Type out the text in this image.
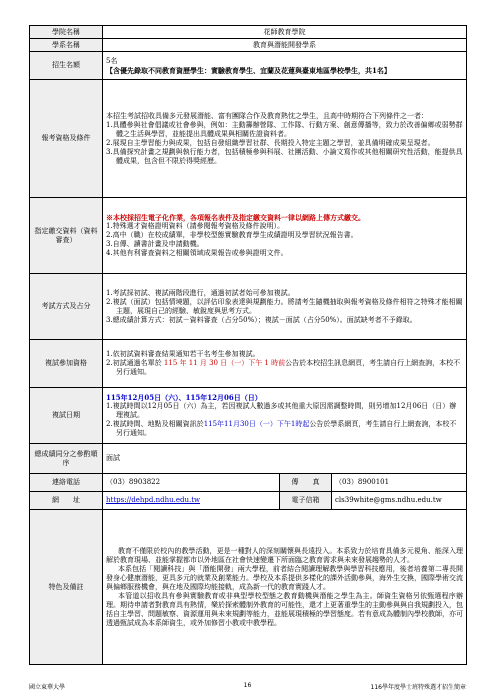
學院名稱	花師教育學院		
學系名稱	教育與潛能開發學系		
招生名額	5名
【含優先錄取不同教育資歷學生：實驗教育學生、宜蘭及花蓮與臺東地區學校學生，共1名】		

報考資格及條件	本招生考試招收具備多元發展潛能、富有團隊合作及教育熱忱之學生，且高中時期符合下列條件之一者：
1.具體參與社會倡議或社會參與，例如：主動籌辦營隊、工作隊、行動方案、創意傳播等，致力於改善偏鄉或弱勢群體之生活與學習，並能提出具體成果與相關佐證資料者。
2.展現自主學習能力與成果，包括自發組織學習社群、長期投入特定主題之學習，並具備明確成果呈現者。
3.具備探究計畫之規劃與執行能力者，包括積極參與科展、社團活動、小論文寫作或其他相關研究性活動，能提供具體成果，包含但不限於得獎經歷。		

指定繳交資料（資料審查）	※本校採招生電子化作業，各項報名表件及指定繳交資料一律以網路上傳方式繳交。
1.特殊選才資格證明資料（請參閱報考資格及條件說明）。
2.高中（職）在校成績單，非學校型態實驗教育學生成績證明及學習狀況報告書。
3.自傳、讀書計畫及申請動機。
4.其他有利審查資料之相關領域成果報告或參與證明文件。		

考試方式及占分	1.考試採初試、複試兩階段進行，通過初試者始可參加複試。
2.複試（面試）包括情境題，以評估印象表達與規劃能力。將請考生隨機抽取與報考資格及條件相符之特殊才能相關主題，展現自己的經驗、敏銳度與思考方式。
3.總成績計算方式：初試－資料審查（占分50%）；複試－面試（占分50%）。面試缺考者不予錄取。		

複試參加資格	1.依初試資料審查結果通知若干名考生參加複試。
2.初試通過名單於 115 年 11 月 30 日（一）下午 1 時前公告於本校招生訊息網頁，考生請自行上網查詢，本校不另行通知。		

複試日期	115年12月05日（六）、115年12月06日（日）
1.複試時間以12月05日（六）為主，若因複試人數過多或其他重大原因需調整時間，則另增加12月06日（日）辦理複試。
2.複試時間、地點及相關資訊於115年11月30日（一）下午1時起公告於學系網頁，考生請自行上網查詢，本校不另行通知。		

總成績同分之參酌順序	面試		
連絡電話	（03）8903822	傳　　真	（03）8900101
網　　址	https://dehpd.ndhu.edu.tw	電子信箱	cls39white@gms.ndhu.edu.tw
特色及備註	教育不僅限於校內的教學活動，更是一種對人的深刻關懷與長遠投入。本系致力於培育具備多元視角、能深入理解於教育現場、並能掌握都市以外地區在社會快速變遷下所面臨之教育需求與未來發展趨勢的人才。
本系包括「閱讀科技」與「潛能開發」兩大學程，前者結合閱讀理解教學與學習科技應用，後者培養第二專長開發身心健康潛能，更具多元的就業及創業能力。學校及本系提供多樣化的課外活動參與，海外生交換，國際學術交流與偏鄉服務機會，與在地及國際均能接軌，成為新一代的教育實踐人才。
本管道以招收具有參與實驗教育或非典型學校型態之教育動機與潛能之學生為主。師資生資格另依甄選程序辦理。期待申請者對教育具有熱情，樂於探索體制外教育的可能性，還才上更著重學生的主動參與與自我規劃投入，包括自主學習、問題敏察、資源運用與未來規劃等能力，並能展現積極的學習態度。若有意成為體制內學校教師，亦可透過甄試成為本系師資生，或外加修習小教或中教學程。		
國立東華大學	16	116學年度學士班特殊選才招生簡章
